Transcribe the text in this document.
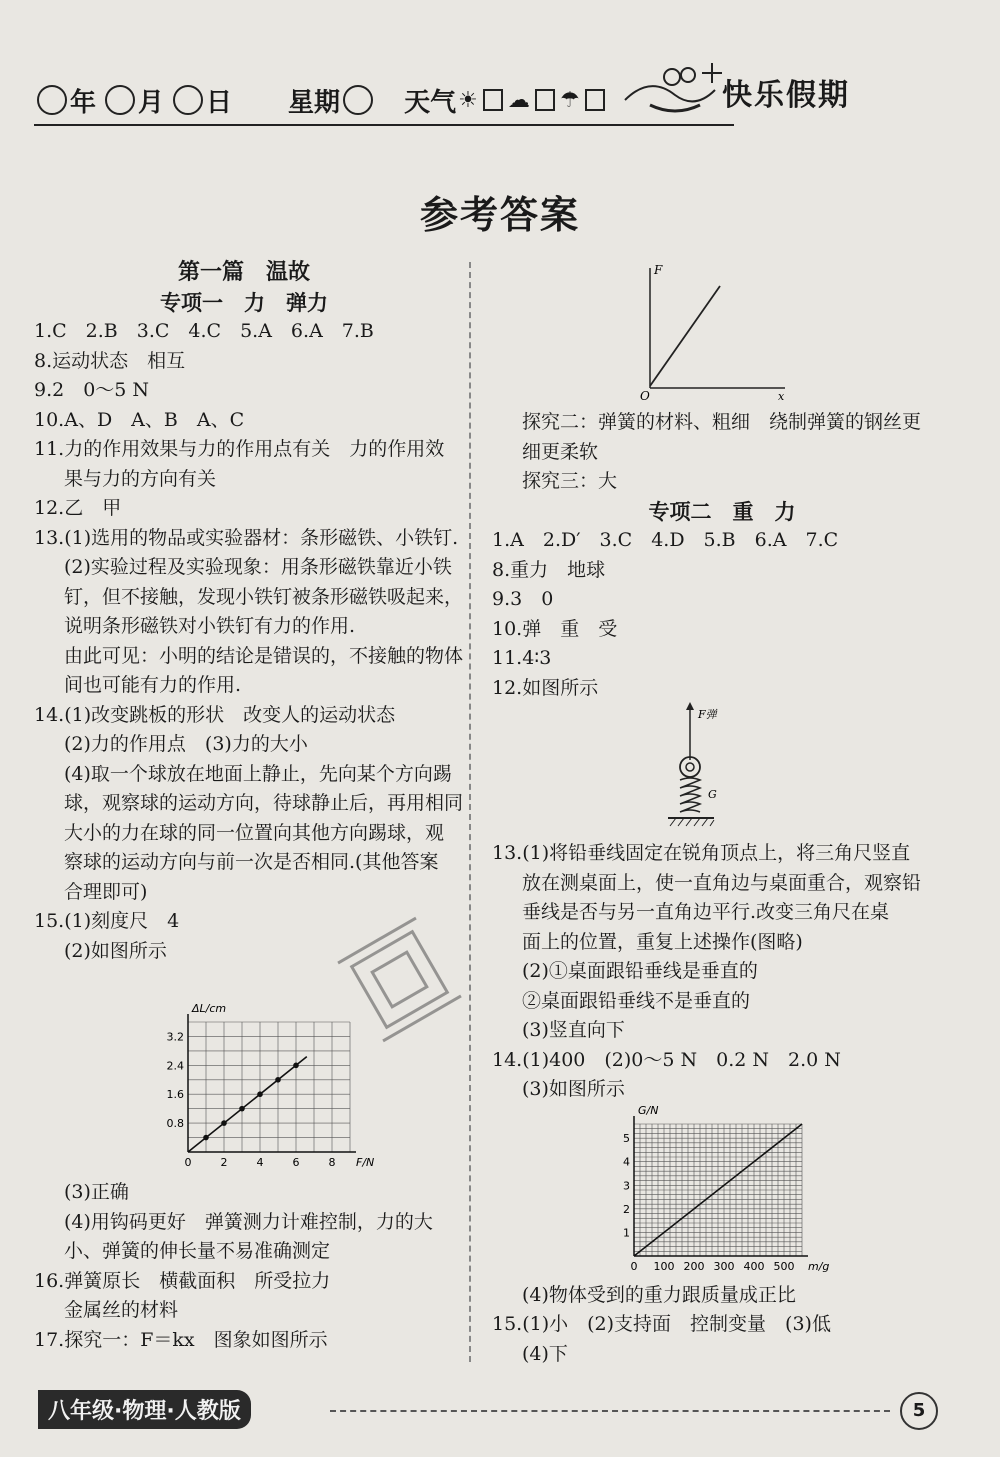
年 月 日 星期 天气 ☀ ☁ ☂	快乐假期
参考答案
第一篇　温故
专项一　力　弹力
1.C　2.B　3.C　4.C　5.A　6.A　7.B
8.运动状态　相互
9.2　0～5 N
10.A、D　A、B　A、C
11.力的作用效果与力的作用点有关　力的作用效
果与力的方向有关
12.乙　甲
13.(1)选用的物品或实验器材：条形磁铁、小铁钉.
(2)实验过程及实验现象：用条形磁铁靠近小铁
钉，但不接触，发现小铁钉被条形磁铁吸起来，
说明条形磁铁对小铁钉有力的作用.
由此可见：小明的结论是错误的，不接触的物体
间也可能有力的作用.
14.(1)改变跳板的形状　改变人的运动状态
(2)力的作用点　(3)力的大小
(4)取一个球放在地面上静止，先向某个方向踢
球，观察球的运动方向，待球静止后，再用相同
大小的力在球的同一位置向其他方向踢球，观
察球的运动方向与前一次是否相同.(其他答案
合理即可)
15.(1)刻度尺　4
(2)如图所示
(3)正确
(4)用钩码更好　弹簧测力计难控制，力的大
小、弹簧的伸长量不易准确测定
16.弹簧原长　横截面积　所受拉力
金属丝的材料
17.探究一：F＝kx　图象如图所示
0	2	4	6	8
0.8
1.6
2.4
3.2
F/N
ΔL/cm
F
x
O
探究二：弹簧的材料、粗细　绕制弹簧的钢丝更
细更柔软
探究三：大
专项二　重　力
1.A　2.D′　3.C　4.D　5.B　6.A　7.C
8.重力　地球
9.3　0
10.弹　重　受
11.4∶3
12.如图所示
13.(1)将铅垂线固定在锐角顶点上，将三角尺竖直
放在测桌面上，使一直角边与桌面重合，观察铅
垂线是否与另一直角边平行.改变三角尺在桌
面上的位置，重复上述操作(图略)
(2)①桌面跟铅垂线是垂直的
②桌面跟铅垂线不是垂直的
(3)竖直向下
14.(1)400　(2)0～5 N　0.2 N　2.0 N
(3)如图所示
(4)物体受到的重力跟质量成正比
15.(1)小　(2)支持面　控制变量　(3)低
(4)下
F弹
G
0 100 200 300 400 500
1
2
3
4
5
m/g
G/N
八年级·物理·人教版	5
